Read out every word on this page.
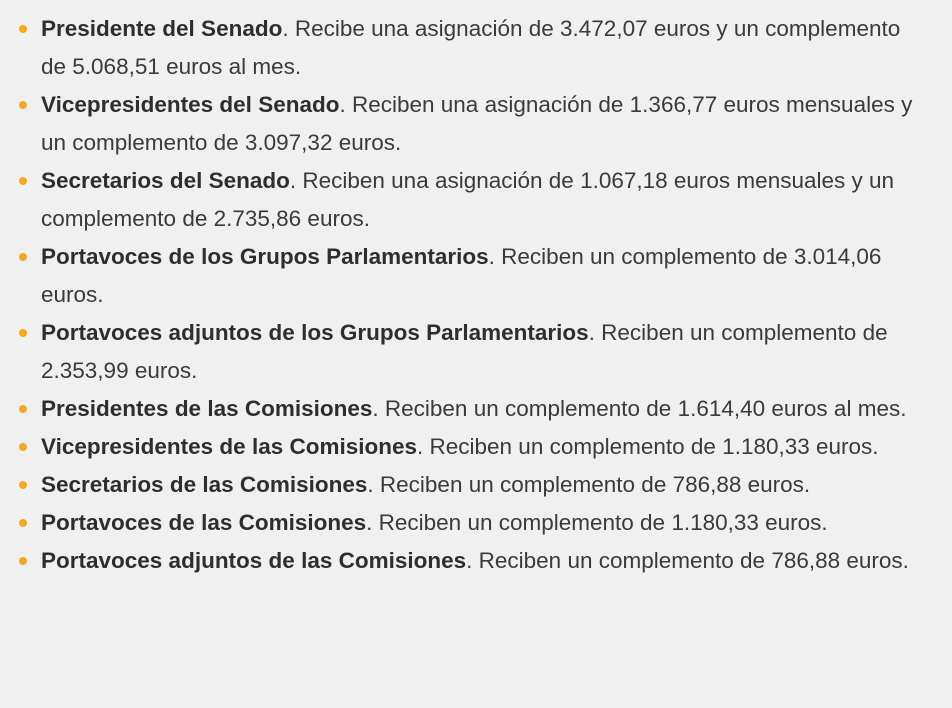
Presidente del Senado. Recibe una asignación de 3.472,07 euros y un complemento de 5.068,51 euros al mes.
Vicepresidentes del Senado. Reciben una asignación de 1.366,77 euros mensuales y un complemento de 3.097,32 euros.
Secretarios del Senado. Reciben una asignación de 1.067,18 euros mensuales y un complemento de 2.735,86 euros.
Portavoces de los Grupos Parlamentarios. Reciben un complemento de 3.014,06 euros.
Portavoces adjuntos de los Grupos Parlamentarios. Reciben un complemento de 2.353,99 euros.
Presidentes de las Comisiones. Reciben un complemento de 1.614,40 euros al mes.
Vicepresidentes de las Comisiones. Reciben un complemento de 1.180,33 euros.
Secretarios de las Comisiones. Reciben un complemento de 786,88 euros.
Portavoces de las Comisiones. Reciben un complemento de 1.180,33 euros.
Portavoces adjuntos de las Comisiones. Reciben un complemento de 786,88 euros.
